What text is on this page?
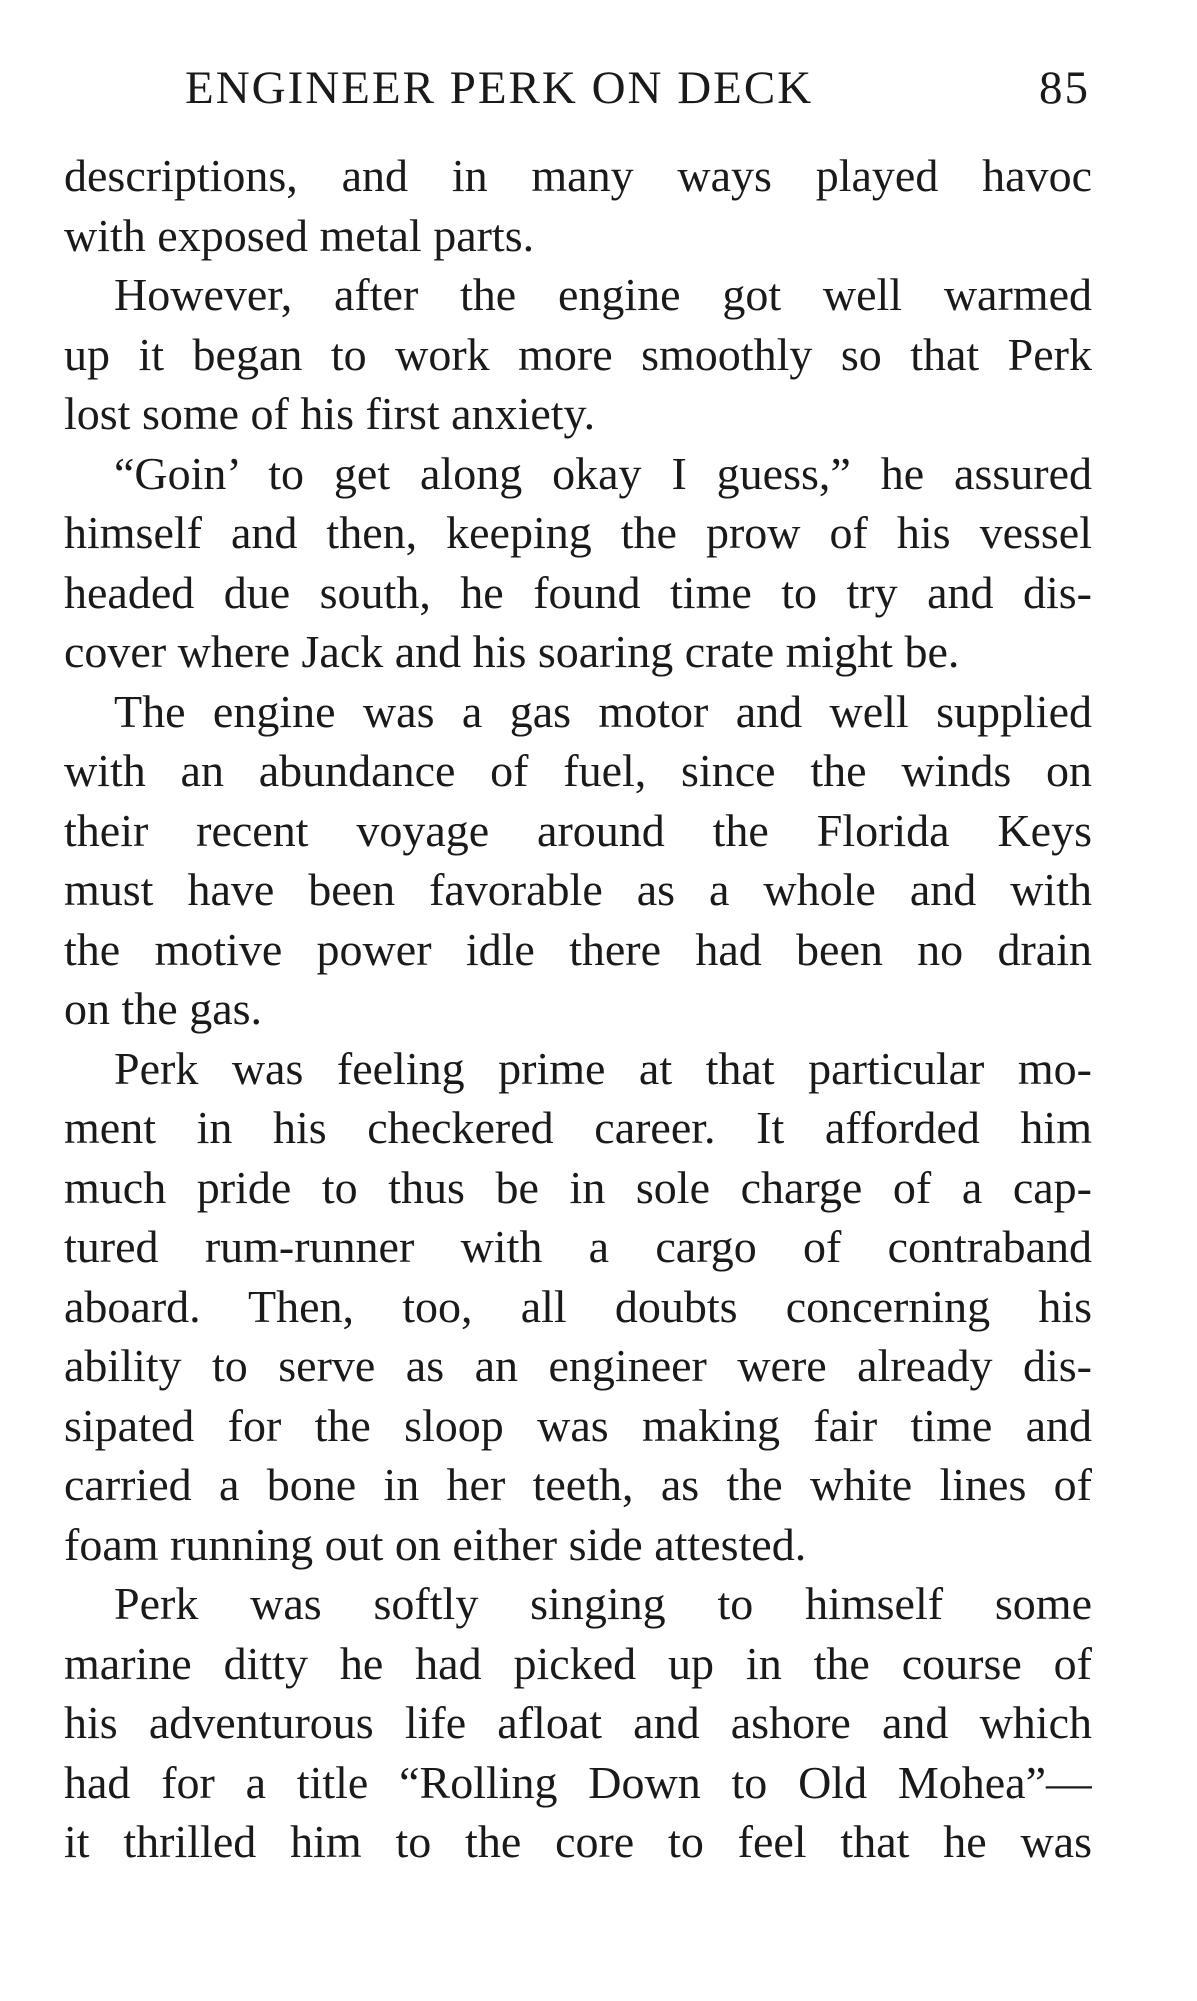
ENGINEER PERK ON DECK	85
descriptions, and in many ways played havoc
with exposed metal parts.
However, after the engine got well warmed
up it began to work more smoothly so that Perk
lost some of his first anxiety.
“Goin’ to get along okay I guess,” he assured
himself and then, keeping the prow of his vessel
headed due south, he found time to try and dis-
cover where Jack and his soaring crate might be.
The engine was a gas motor and well supplied
with an abundance of fuel, since the winds on
their recent voyage around the Florida Keys
must have been favorable as a whole and with
the motive power idle there had been no drain
on the gas.
Perk was feeling prime at that particular mo-
ment in his checkered career. It afforded him
much pride to thus be in sole charge of a cap-
tured rum-runner with a cargo of contraband
aboard. Then, too, all doubts concerning his
ability to serve as an engineer were already dis-
sipated for the sloop was making fair time and
carried a bone in her teeth, as the white lines of
foam running out on either side attested.
Perk was softly singing to himself some
marine ditty he had picked up in the course of
his adventurous life afloat and ashore and which
had for a title “Rolling Down to Old Mohea”—
it thrilled him to the core to feel that he was
